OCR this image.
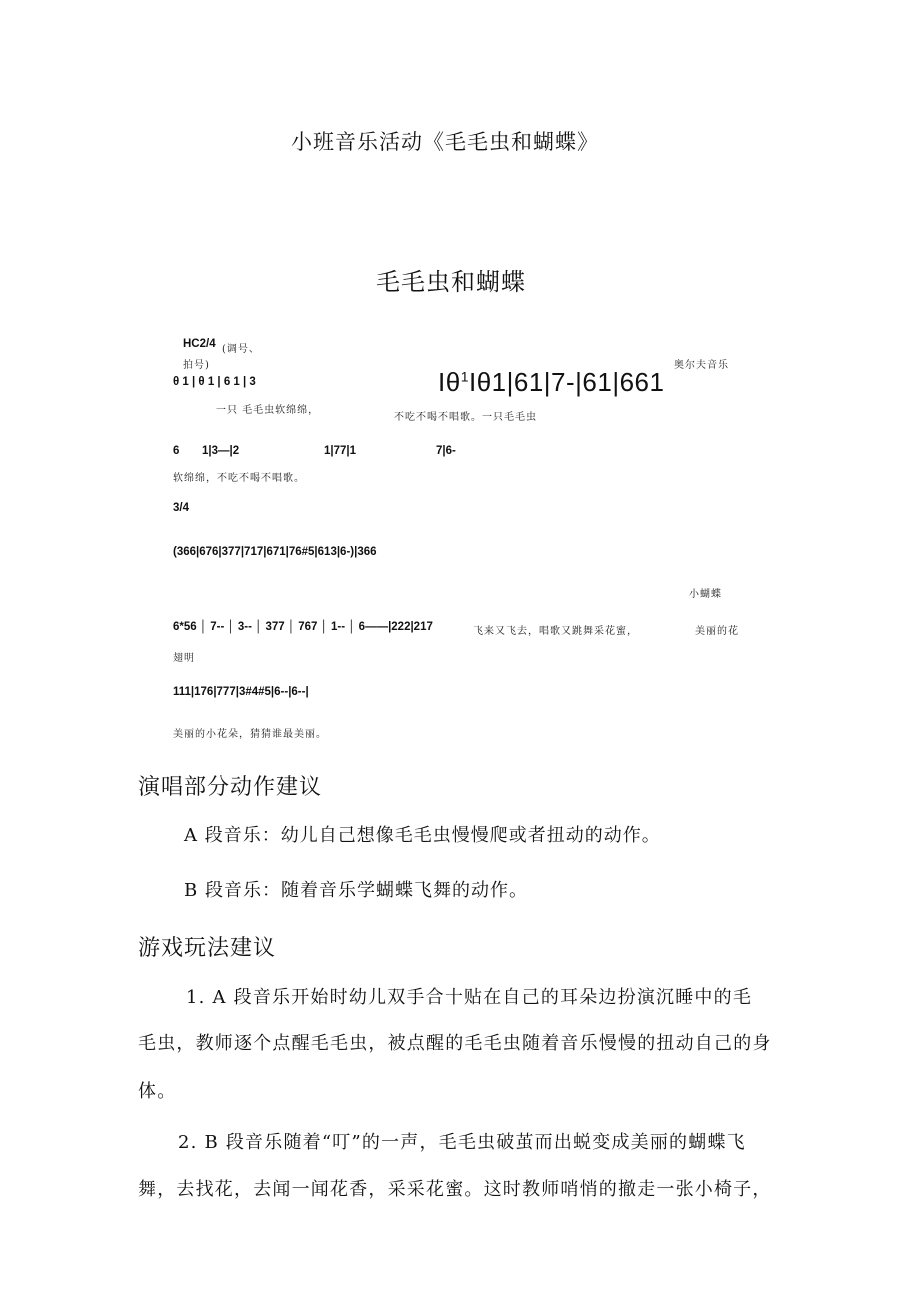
小班音乐活动《毛毛虫和蝴蝶》
毛毛虫和蝴蝶
HC2/4 (调号、
拍号)	奥尔夫音乐
θ 1 | θ 1 | 6 1 | 3	$I\theta^1I\theta 1|61|7-|61|661$
一只 毛毛虫软绵绵，
不吃不喝不唱歌。一只毛毛虫
6 1|3—|2	1|77|1	7|6-
软绵绵，不吃不喝不唱歌。
3/4
(366|676|377|717|671|76#5|613|6-)|366
小蝴蝶
6*56 │ 7-- │ 3-- │ 377 │ 767 │ 1-- │ 6——|222|217	飞来又飞去，唱歌又跳舞采花蜜，	美丽的花
翅明
111|176|777|3#4#5|6--|6--|
美丽的小花朵，猜猜谁最美丽。
演唱部分动作建议
A 段音乐：幼儿自己想像毛毛虫慢慢爬或者扭动的动作。
B 段音乐：随着音乐学蝴蝶飞舞的动作。
游戏玩法建议
1. A 段音乐开始时幼儿双手合十贴在自己的耳朵边扮演沉睡中的毛
毛虫，教师逐个点醒毛毛虫，被点醒的毛毛虫随着音乐慢慢的扭动自己的身
体。
2. B 段音乐随着“叮”的一声，毛毛虫破茧而出蜕变成美丽的蝴蝶飞
舞，去找花，去闻一闻花香，采采花蜜。这时教师哨悄的撤走一张小椅子，
